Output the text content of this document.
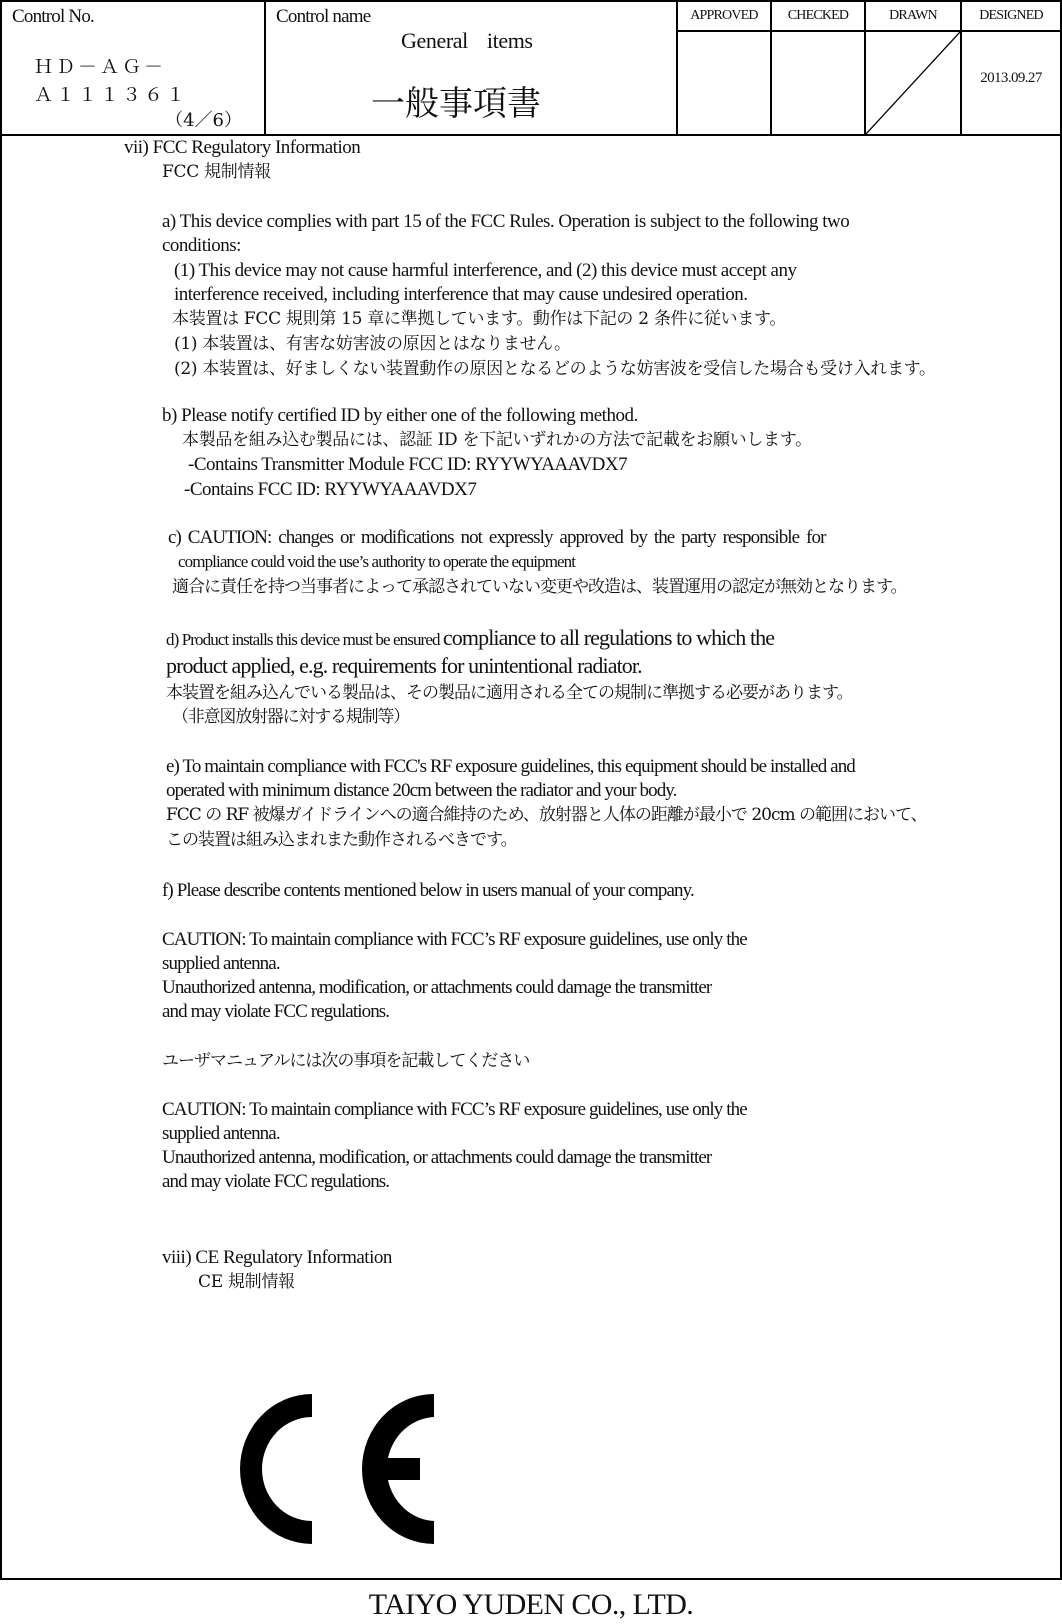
Control No.
ＨＤ－ＡＧ－
Ａ１１１３６１
（4／6）
Control name
General items
一般事項書
APPROVED	CHECKED	DRAWN	DESIGNED
2013.09.27
vii) FCC Regulatory Information
FCC 規制情報
a) This device complies with part 15 of the FCC Rules. Operation is subject to the following two
conditions:
(1) This device may not cause harmful interference, and (2) this device must accept any
interference received, including interference that may cause undesired operation.
本装置は FCC 規則第 15 章に準拠しています。動作は下記の 2 条件に従います。
(1) 本装置は、有害な妨害波の原因とはなりません。
(2) 本装置は、好ましくない装置動作の原因となるどのような妨害波を受信した場合も受け入れます。
b) Please notify certified ID by either one of the following method.
本製品を組み込む製品には、認証 ID を下記いずれかの方法で記載をお願いします。
-Contains Transmitter Module FCC ID: RYYWYAAAVDX7
-Contains FCC ID: RYYWYAAAVDX7
c) CAUTION: changes or modifications not expressly approved by the party responsible for
compliance could void the use’s authority to operate the equipment
適合に責任を持つ当事者によって承認されていない変更や改造は、装置運用の認定が無効となります。
d) Product installs this device must be ensured compliance to all regulations to which the
product applied, e.g. requirements for unintentional radiator.
本装置を組み込んでいる製品は、その製品に適用される全ての規制に準拠する必要があります。
（非意図放射器に対する規制等）
e) To maintain compliance with FCC's RF exposure guidelines, this equipment should be installed and
operated with minimum distance 20cm between the radiator and your body.
FCC の RF 被爆ガイドラインへの適合維持のため、放射器と人体の距離が最小で 20cm の範囲において、
この装置は組み込まれまた動作されるべきです。
f) Please describe contents mentioned below in users manual of your company.
CAUTION: To maintain compliance with FCC’s RF exposure guidelines, use only the
supplied antenna.
Unauthorized antenna, modification, or attachments could damage the transmitter
and may violate FCC regulations.
ユーザマニュアルには次の事項を記載してください
CAUTION: To maintain compliance with FCC’s RF exposure guidelines, use only the
supplied antenna.
Unauthorized antenna, modification, or attachments could damage the transmitter
and may violate FCC regulations.
viii) CE Regulatory Information
CE 規制情報
TAIYO YUDEN CO., LTD.
